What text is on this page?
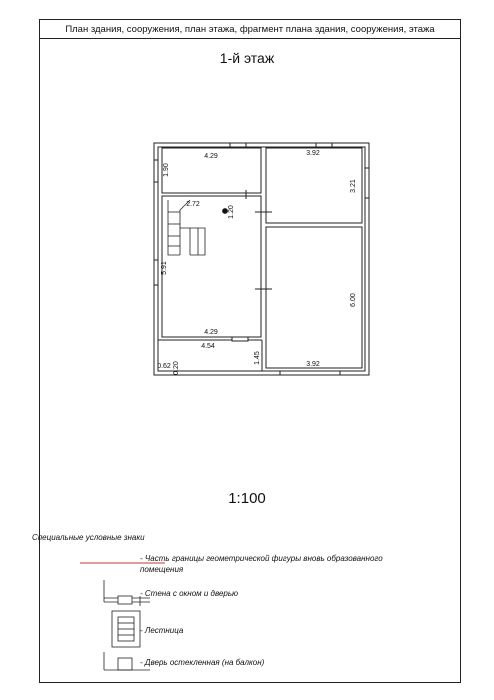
План здания, сооружения, план этажа, фрагмент плана здания, сооружения, этажа
1-й этаж
4.29
1.90
3.92
3.21
2.72
1.20
5.91
4.29
6.00
4.54
0.62 0.20
1.45	3.92
1:100
Специальные условные знаки
- Часть границы геометрической фигуры вновь образованного помещения
- Стена с окном и дверью
- Лестница
- Дверь остекленная (на балкон)
